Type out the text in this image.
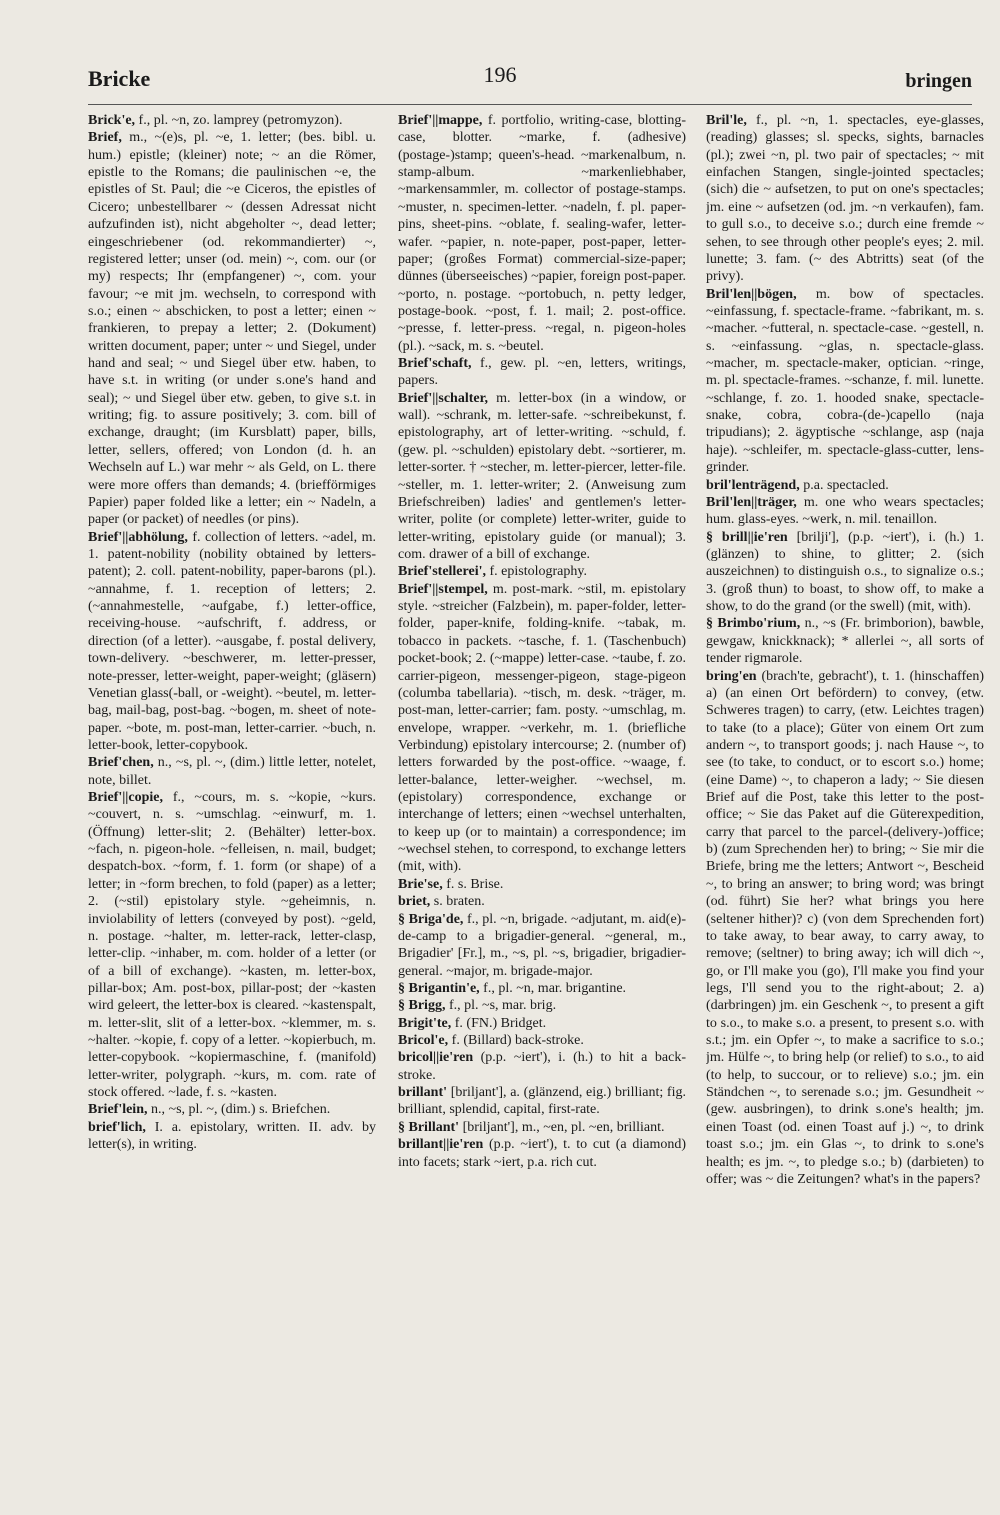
Bricke	196	bringen

Brick'e, f., pl. ~n, zo. lamprey (petromyzon).

Brief, m., ~(e)s, pl. ~e, 1. letter; (bes. bibl. u. hum.) epistle; (kleiner) note; ~ an die Römer, epistle to the Romans; die paulinischen ~e, the epistles of St. Paul; die ~e Ciceros, the epistles of Cicero; unbestellbarer ~ (dessen Adressat nicht aufzufinden ist), nicht abgeholter ~, dead letter; eingeschriebener (od. rekommandierter) ~, registered letter; unser (od. mein) ~, com. our (or my) respects; Ihr (empfangener) ~, com. your favour; ~e mit jm. wechseln, to correspond with s.o.; einen ~ abschicken, to post a letter; einen ~ frankieren, to prepay a letter; 2. (Dokument) written document, paper; unter ~ und Siegel, under hand and seal; ~ und Siegel über etw. haben, to have s.t. in writing (or under s.one's hand and seal); ~ und Siegel über etw. geben, to give s.t. in writing; fig. to assure positively; 3. com. bill of exchange, draught; (im Kursblatt) paper, bills, letter, sellers, offered; von London (d. h. an Wechseln auf L.) war mehr ~ als Geld, on L. there were more offers than demands; 4. (briefförmiges Papier) paper folded like a letter; ein ~ Nadeln, a paper (or packet) of needles (or pins).

Brief'||abhölung, f. collection of letters. ~adel, m. 1. patent-nobility (nobility obtained by letters-patent); 2. coll. patent-nobility, paper-barons (pl.). ~annahme, f. 1. reception of letters; 2. (~annahmestelle, ~aufgabe, f.) letter-office, receiving-house. ~aufschrift, f. address, or direction (of a letter). ~ausgabe, f. postal delivery, town-delivery. ~beschwerer, m. letter-presser, note-presser, letter-weight, paper-weight; (gläsern) Venetian glass(-ball, or -weight). ~beutel, m. letter-bag, mail-bag, post-bag. ~bogen, m. sheet of note-paper. ~bote, m. post-man, letter-carrier. ~buch, n. letter-book, letter-copybook.

Brief'chen, n., ~s, pl. ~, (dim.) little letter, notelet, note, billet.

Brief'||copie, f., ~cours, m. s. ~kopie, ~kurs. ~couvert, n. s. ~umschlag. ~einwurf, m. 1. (Öffnung) letter-slit; 2. (Behälter) letter-box. ~fach, n. pigeon-hole. ~felleisen, n. mail, budget; despatch-box. ~form, f. 1. form (or shape) of a letter; in ~form brechen, to fold (paper) as a letter; 2. (~stil) epistolary style. ~geheimnis, n. inviolability of letters (conveyed by post). ~geld, n. postage. ~halter, m. letter-rack, letter-clasp, letter-clip. ~inhaber, m. com. holder of a letter (or of a bill of exchange). ~kasten, m. letter-box, pillar-box; Am. post-box, pillar-post; der ~kasten wird geleert, the letter-box is cleared. ~kastenspalt, m. letter-slit, slit of a letter-box. ~klemmer, m. s. ~halter. ~kopie, f. copy of a letter. ~kopierbuch, m. letter-copybook. ~kopiermaschine, f. (manifold) letter-writer, polygraph. ~kurs, m. com. rate of stock offered. ~lade, f. s. ~kasten.

Brief'lein, n., ~s, pl. ~, (dim.) s. Briefchen.

brief'lich, I. a. epistolary, written. II. adv. by letter(s), in writing.

Brief'||mappe, f. portfolio, writing-case, blotting-case, blotter. ~marke, f. (adhesive) (postage-)stamp; queen's-head. ~markenalbum, n. stamp-album. ~markenliebhaber, ~markensammler, m. collector of postage-stamps. ~muster, n. specimen-letter. ~nadeln, f. pl. paper-pins, sheet-pins. ~oblate, f. sealing-wafer, letter-wafer. ~papier, n. note-paper, post-paper, letter-paper; (großes Format) commercial-size-paper; dünnes (überseeisches) ~papier, foreign post-paper. ~porto, n. postage. ~portobuch, n. petty ledger, postage-book. ~post, f. 1. mail; 2. post-office. ~presse, f. letter-press. ~regal, n. pigeon-holes (pl.). ~sack, m. s. ~beutel.

Brief'schaft, f., gew. pl. ~en, letters, writings, papers.

Brief'||schalter, m. letter-box (in a window, or wall). ~schrank, m. letter-safe. ~schreibekunst, f. epistolography, art of letter-writing. ~schuld, f. (gew. pl. ~schulden) epistolary debt. ~sortierer, m. letter-sorter. † ~stecher, m. letter-piercer, letter-file. ~steller, m. 1. letter-writer; 2. (Anweisung zum Briefschreiben) ladies' and gentlemen's letter-writer, polite (or complete) letter-writer, guide to letter-writing, epistolary guide (or manual); 3. com. drawer of a bill of exchange.

Brief'stellerei', f. epistolography.

Brief'||stempel, m. post-mark. ~stil, m. epistolary style. ~streicher (Falzbein), m. paper-folder, letter-folder, paper-knife, folding-knife. ~tabak, m. tobacco in packets. ~tasche, f. 1. (Taschenbuch) pocket-book; 2. (~mappe) letter-case. ~taube, f. zo. carrier-pigeon, messenger-pigeon, stage-pigeon (columba tabellaria). ~tisch, m. desk. ~träger, m. post-man, letter-carrier; fam. posty. ~umschlag, m. envelope, wrapper. ~verkehr, m. 1. (briefliche Verbindung) epistolary intercourse; 2. (number of) letters forwarded by the post-office. ~waage, f. letter-balance, letter-weigher. ~wechsel, m. (epistolary) correspondence, exchange or interchange of letters; einen ~wechsel unterhalten, to keep up (or to maintain) a correspondence; im ~wechsel stehen, to correspond, to exchange letters (mit, with).

Brie'se, f. s. Brise.

briet, s. braten.

§ Briga'de, f., pl. ~n, brigade. ~adjutant, m. aid(e)-de-camp to a brigadier-general. ~general, m., Brigadier' [Fr.], m., ~s, pl. ~s, brigadier, brigadier-general. ~major, m. brigade-major.

§ Brigantin'e, f., pl. ~n, mar. brigantine.

§ Brigg, f., pl. ~s, mar. brig.

Brigit'te, f. (FN.) Bridget.

Bricol'e, f. (Billard) back-stroke.

bricol||ie'ren (p.p. ~iert'), i. (h.) to hit a back-stroke.

brillant' [briljant'], a. (glänzend, eig.) brilliant; fig. brilliant, splendid, capital, first-rate.

§ Brillant' [briljant'], m., ~en, pl. ~en, brilliant.

brillant||ie'ren (p.p. ~iert'), t. to cut (a diamond) into facets; stark ~iert, p.a. rich cut.

Bril'le, f., pl. ~n, 1. spectacles, eye-glasses, (reading) glasses; sl. specks, sights, barnacles (pl.); zwei ~n, pl. two pair of spectacles; ~ mit einfachen Stangen, single-jointed spectacles; (sich) die ~ aufsetzen, to put on one's spectacles; jm. eine ~ aufsetzen (od. jm. ~n verkaufen), fam. to gull s.o., to deceive s.o.; durch eine fremde ~ sehen, to see through other people's eyes; 2. mil. lunette; 3. fam. (~ des Abtritts) seat (of the privy).

Bril'len||bögen, m. bow of spectacles. ~einfassung, f. spectacle-frame. ~fabrikant, m. s. ~macher. ~futteral, n. spectacle-case. ~gestell, n. s. ~einfassung. ~glas, n. spectacle-glass. ~macher, m. spectacle-maker, optician. ~ringe, m. pl. spectacle-frames. ~schanze, f. mil. lunette. ~schlange, f. zo. 1. hooded snake, spectacle-snake, cobra, cobra-(de-)capello (naja tripudians); 2. ägyptische ~schlange, asp (naja haje). ~schleifer, m. spectacle-glass-cutter, lens-grinder.

bril'lenträgend, p.a. spectacled.

Bril'len||träger, m. one who wears spectacles; hum. glass-eyes. ~werk, n. mil. tenaillon.

§ brill||ie'ren [brilji'], (p.p. ~iert'), i. (h.) 1. (glänzen) to shine, to glitter; 2. (sich auszeichnen) to distinguish o.s., to signalize o.s.; 3. (groß thun) to boast, to show off, to make a show, to do the grand (or the swell) (mit, with).

§ Brimbo'rium, n., ~s (Fr. brimborion), bawble, gewgaw, knickknack); * allerlei ~, all sorts of tender rigmarole.

bring'en (brach'te, gebracht'), t. 1. (hinschaffen) a) (an einen Ort befördern) to convey, (etw. Schweres tragen) to carry, (etw. Leichtes tragen) to take (to a place); Güter von einem Ort zum andern ~, to transport goods; j. nach Hause ~, to see (to take, to conduct, or to escort s.o.) home; (eine Dame) ~, to chaperon a lady; ~ Sie diesen Brief auf die Post, take this letter to the post-office; ~ Sie das Paket auf die Güterexpedition, carry that parcel to the parcel-(delivery-)office; b) (zum Sprechenden her) to bring; ~ Sie mir die Briefe, bring me the letters; Antwort ~, Bescheid ~, to bring an answer; to bring word; was bringt (od. führt) Sie her? what brings you here (seltener hither)? c) (von dem Sprechenden fort) to take away, to bear away, to carry away, to remove; (seltner) to bring away; ich will dich ~, go, or I'll make you (go), I'll make you find your legs, I'll send you to the right-about; 2. a) (darbringen) jm. ein Geschenk ~, to present a gift to s.o., to make s.o. a present, to present s.o. with s.t.; jm. ein Opfer ~, to make a sacrifice to s.o.; jm. Hülfe ~, to bring help (or relief) to s.o., to aid (to help, to succour, or to relieve) s.o.; jm. ein Ständchen ~, to serenade s.o.; jm. Gesundheit ~ (gew. ausbringen), to drink s.one's health; jm. einen Toast (od. einen Toast auf j.) ~, to drink toast s.o.; jm. ein Glas ~, to drink to s.one's health; es jm. ~, to pledge s.o.; b) (darbieten) to offer; was ~ die Zeitungen? what's in the papers?
